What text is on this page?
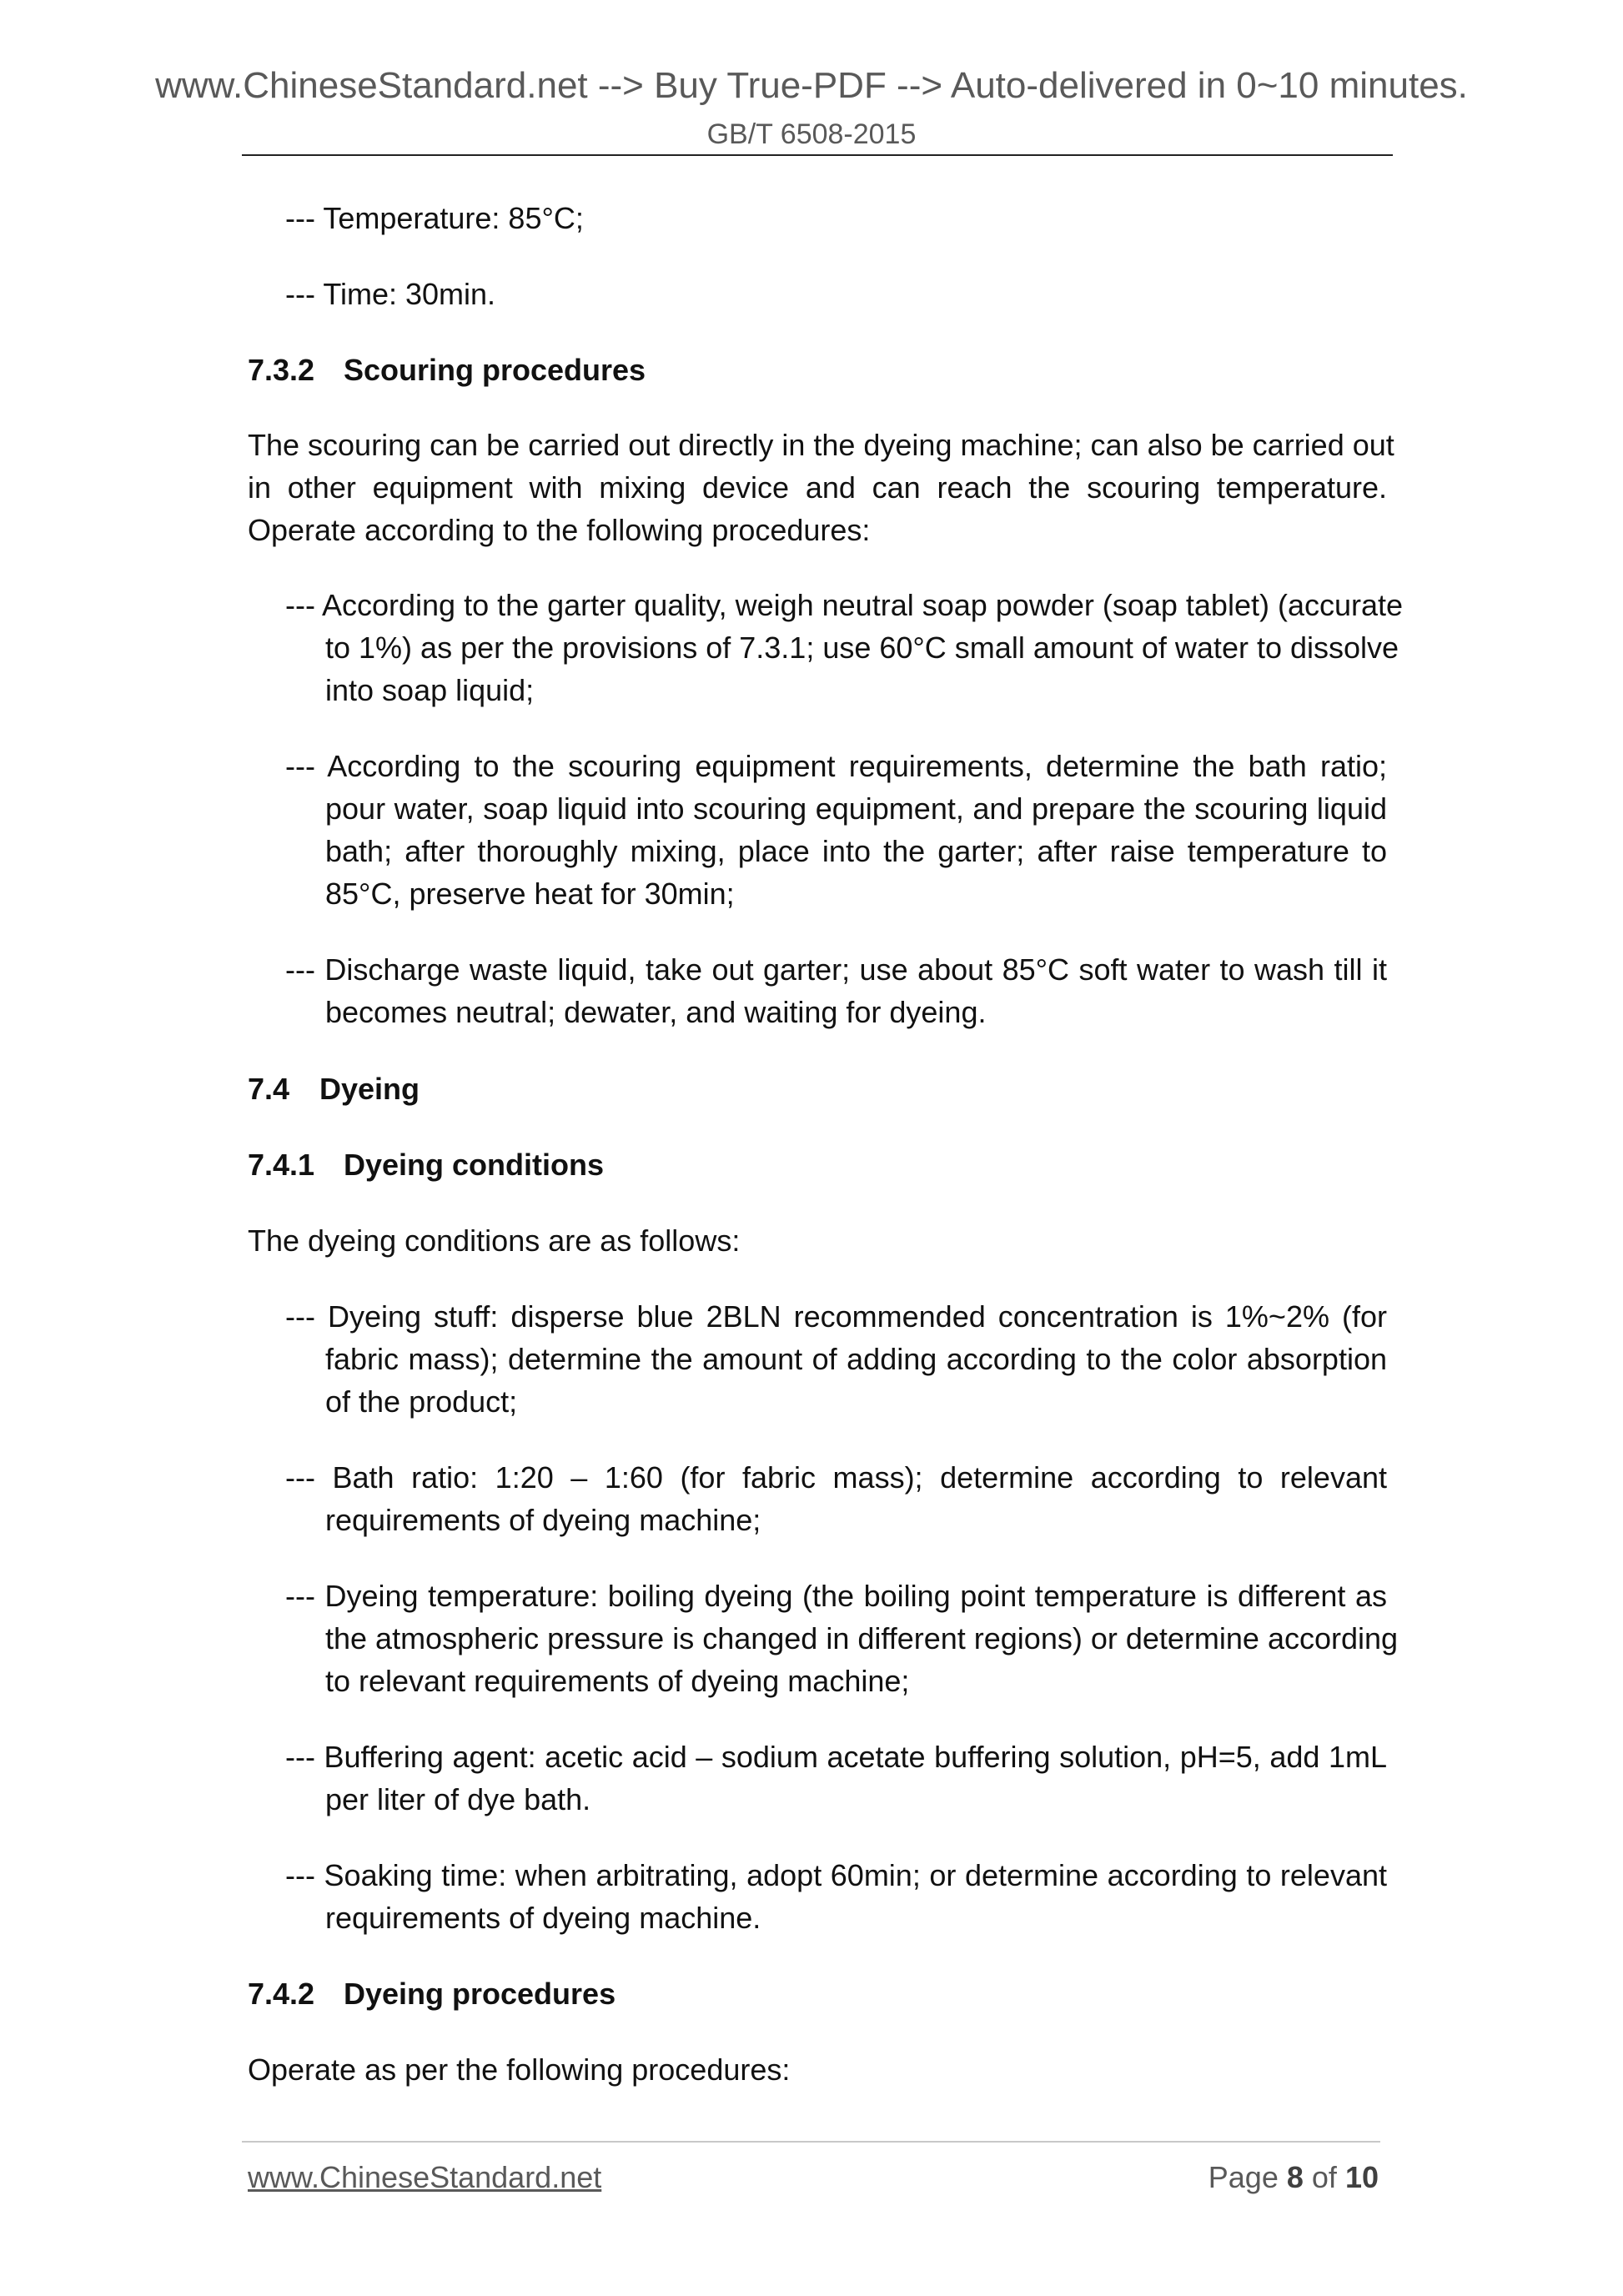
www.ChineseStandard.net --> Buy True-PDF --> Auto-delivered in 0~10 minutes.
GB/T 6508-2015
--- Temperature: 85°C;
--- Time: 30min.
7.3.2 Scouring procedures
The scouring can be carried out directly in the dyeing machine; can also be carried out
in other equipment with mixing device and can reach the scouring temperature.
Operate according to the following procedures:
--- According to the garter quality, weigh neutral soap powder (soap tablet) (accurate
to 1%) as per the provisions of 7.3.1; use 60°C small amount of water to dissolve
into soap liquid;
--- According to the scouring equipment requirements, determine the bath ratio;
pour water, soap liquid into scouring equipment, and prepare the scouring liquid
bath; after thoroughly mixing, place into the garter; after raise temperature to
85°C, preserve heat for 30min;
--- Discharge waste liquid, take out garter; use about 85°C soft water to wash till it
becomes neutral; dewater, and waiting for dyeing.
7.4 Dyeing
7.4.1 Dyeing conditions
The dyeing conditions are as follows:
--- Dyeing stuff: disperse blue 2BLN recommended concentration is 1%~2% (for
fabric mass); determine the amount of adding according to the color absorption
of the product;
--- Bath ratio: 1:20 – 1:60 (for fabric mass); determine according to relevant
requirements of dyeing machine;
--- Dyeing temperature: boiling dyeing (the boiling point temperature is different as
the atmospheric pressure is changed in different regions) or determine according
to relevant requirements of dyeing machine;
--- Buffering agent: acetic acid – sodium acetate buffering solution, pH=5, add 1mL
per liter of dye bath.
--- Soaking time: when arbitrating, adopt 60min; or determine according to relevant
requirements of dyeing machine.
7.4.2 Dyeing procedures
Operate as per the following procedures:
www.ChineseStandard.net	Page 8 of 10
